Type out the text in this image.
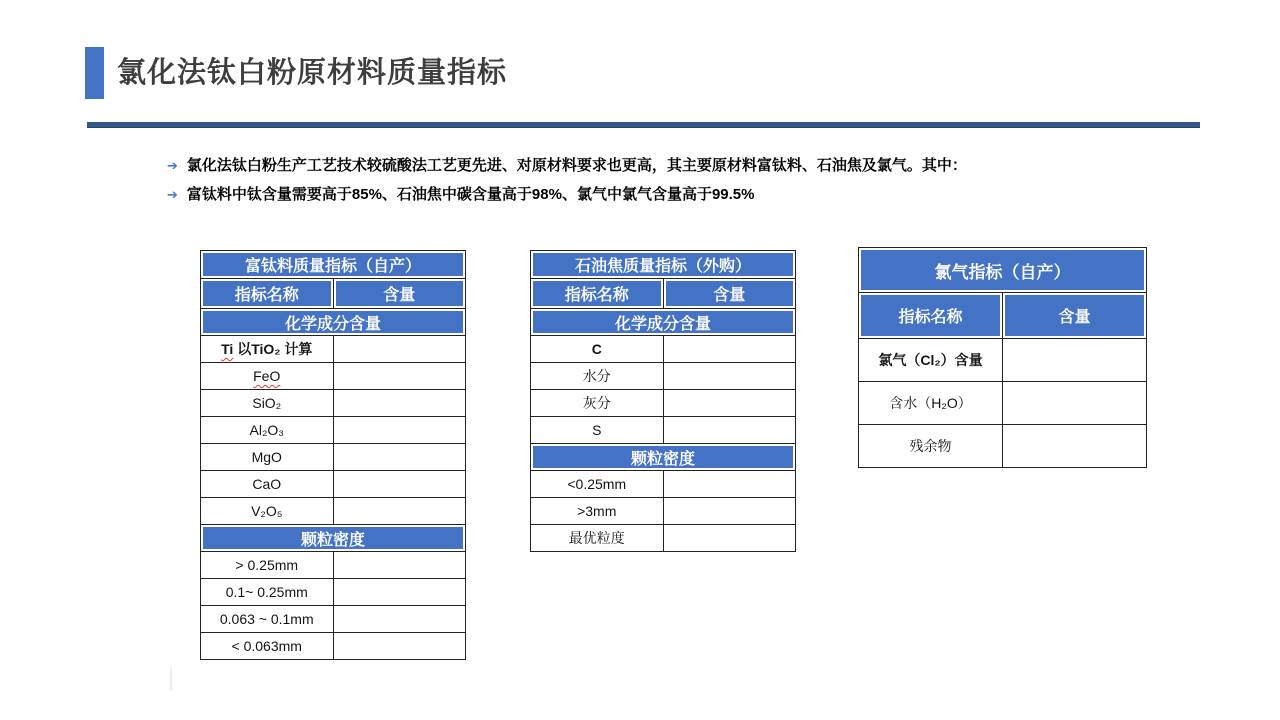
氯化法钛白粉原材料质量指标
➔ 氯化法钛白粉生产工艺技术较硫酸法工艺更先进、对原材料要求也更高，其主要原材料富钛料、石油焦及氯气。其中：
➔ 富钛料中钛含量需要高于85%、石油焦中碳含量高于98%、氯气中氯气含量高于99.5%
富钛料质量指标（自产）	
指标名称	含量
化学成分含量	
Ti 以TiO₂ 计算	
FeO	
SiO₂	
Al₂O₃	
MgO	
CaO	
V₂O₅	
颗粒密度	
> 0.25mm	
0.1~ 0.25mm	
0.063 ~ 0.1mm	
< 0.063mm	
石油焦质量指标（外购）	
指标名称	含量
化学成分含量	
C	
水分	
灰分	
S	
颗粒密度	
<0.25mm	
>3mm	
最优粒度	
氯气指标（自产）	
指标名称	含量
氯气（Cl₂）含量	
含水（H₂O）	
残余物	
